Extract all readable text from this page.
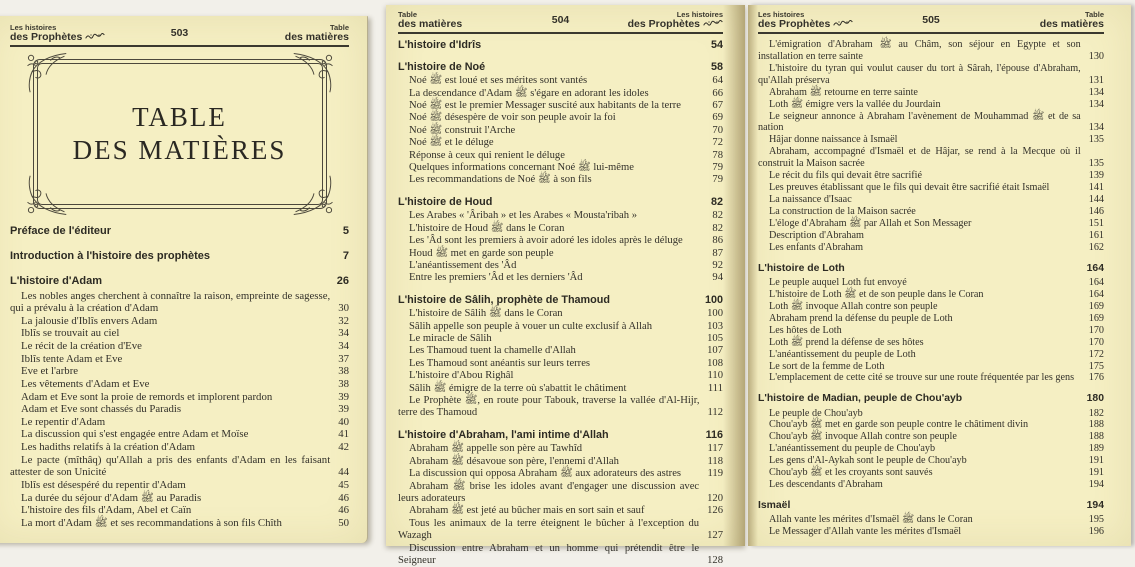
Les histoires
des Prophètes	503	Table
des matières
TABLE
DES MATIÈRES
Préface de l'éditeur	5
Introduction à l'histoire des prophètes	7
L'histoire d'Adam	26
Les nobles anges cherchent à connaître la raison, empreinte de sagesse, qui a prévalu à la création d'Adam	30
La jalousie d'Iblîs envers Adam	32
Iblîs se trouvait au ciel	34
Le récit de la création d'Eve	34
Iblîs tente Adam et Eve	37
Eve et l'arbre	38
Les vêtements d'Adam et Eve	38
Adam et Eve sont la proie de remords et implorent pardon	39
Adam et Eve sont chassés du Paradis	39
Le repentir d'Adam	40
La discussion qui s'est engagée entre Adam et Moïse	41
Les hadiths relatifs à la création d'Adam	42
Le pacte (mîthâq) qu'Allah a pris des enfants d'Adam en les faisant attester de son Unicité	44
Iblîs est désespéré du repentir d'Adam	45
La durée du séjour d'Adam ﷺ au Paradis	46
L'histoire des fils d'Adam, Abel et Caïn	46
La mort d'Adam ﷺ et ses recommandations à son fils Chîth	50
Table
des matières	504	Les histoires
des Prophètes
L'histoire d'Idrîs	54
L'histoire de Noé	58
Noé ﷺ est loué et ses mérites sont vantés	64
La descendance d'Adam ﷺ s'égare en adorant les idoles	66
Noé ﷺ est le premier Messager suscité aux habitants de la terre	67
Noé ﷺ désespère de voir son peuple avoir la foi	69
Noé ﷺ construit l'Arche	70
Noé ﷺ et le déluge	72
Réponse à ceux qui renient le déluge	78
Quelques informations concernant Noé ﷺ lui-même	79
Les recommandations de Noé ﷺ à son fils	79
L'histoire de Houd	82
Les Arabes « 'Âribah » et les Arabes « Mousta'ribah »	82
L'histoire de Houd ﷺ dans le Coran	82
Les 'Âd sont les premiers à avoir adoré les idoles après le déluge	86
Houd ﷺ met en garde son peuple	87
L'anéantissement des 'Âd	92
Entre les premiers 'Âd et les derniers 'Âd	94
L'histoire de Sâlih, prophète de Thamoud	100
L'histoire de Sâlih ﷺ dans le Coran	100
Sâlih appelle son peuple à vouer un culte exclusif à Allah	103
Le miracle de Sâlih	105
Les Thamoud tuent la chamelle d'Allah	107
Les Thamoud sont anéantis sur leurs terres	108
L'histoire d'Abou Righâl	110
Sâlih ﷺ émigre de la terre où s'abattit le châtiment	111
Le Prophète ﷺ, en route pour Tabouk, traverse la vallée d'Al-Hijr, terre des Thamoud	112
L'histoire d'Abraham, l'ami intime d'Allah	116
Abraham ﷺ appelle son père au Tawhîd	117
Abraham ﷺ désavoue son père, l'ennemi d'Allah	118
La discussion qui opposa Abraham ﷺ aux adorateurs des astres	119
Abraham ﷺ brise les idoles avant d'engager une discussion avec leurs adorateurs	120
Abraham ﷺ est jeté au bûcher mais en sort sain et sauf	126
Tous les animaux de la terre éteignent le bûcher à l'exception du Wazagh	127
Discussion entre Abraham et un homme qui prétendit être le Seigneur	128
Les histoires
des Prophètes	505	Table
des matières
L'émigration d'Abraham ﷺ au Châm, son séjour en Egypte et son installation en terre sainte	130
L'histoire du tyran qui voulut causer du tort à Sârah, l'épouse d'Abraham, qu'Allah préserva	131
Abraham ﷺ retourne en terre sainte	134
Loth ﷺ émigre vers la vallée du Jourdain	134
Le seigneur annonce à Abraham l'avènement de Mouhammad ﷺ et de sa nation	134
Hâjar donne naissance à Ismaël	135
Abraham, accompagné d'Ismaël et de Hâjar, se rend à la Mecque où il construit la Maison sacrée	135
Le récit du fils qui devait être sacrifié	139
Les preuves établissant que le fils qui devait être sacrifié était Ismaël	141
La naissance d'Isaac	144
La construction de la Maison sacrée	146
L'éloge d'Abraham ﷺ par Allah et Son Messager	151
Description d'Abraham	161
Les enfants d'Abraham	162
L'histoire de Loth	164
Le peuple auquel Loth fut envoyé	164
L'histoire de Loth ﷺ et de son peuple dans le Coran	164
Loth ﷺ invoque Allah contre son peuple	169
Abraham prend la défense du peuple de Loth	169
Les hôtes de Loth	170
Loth ﷺ prend la défense de ses hôtes	170
L'anéantissement du peuple de Loth	172
Le sort de la femme de Loth	175
L'emplacement de cette cité se trouve sur une route fréquentée par les gens	176
L'histoire de Madian, peuple de Chou'ayb	180
Le peuple de Chou'ayb	182
Chou'ayb ﷺ met en garde son peuple contre le châtiment divin	188
Chou'ayb ﷺ invoque Allah contre son peuple	188
L'anéantissement du peuple de Chou'ayb	189
Les gens d'Al-Aykah sont le peuple de Chou'ayb	191
Chou'ayb ﷺ et les croyants sont sauvés	191
Les descendants d'Abraham	194
Ismaël	194
Allah vante les mérites d'Ismaël ﷺ dans le Coran	195
Le Messager d'Allah vante les mérites d'Ismaël	196
